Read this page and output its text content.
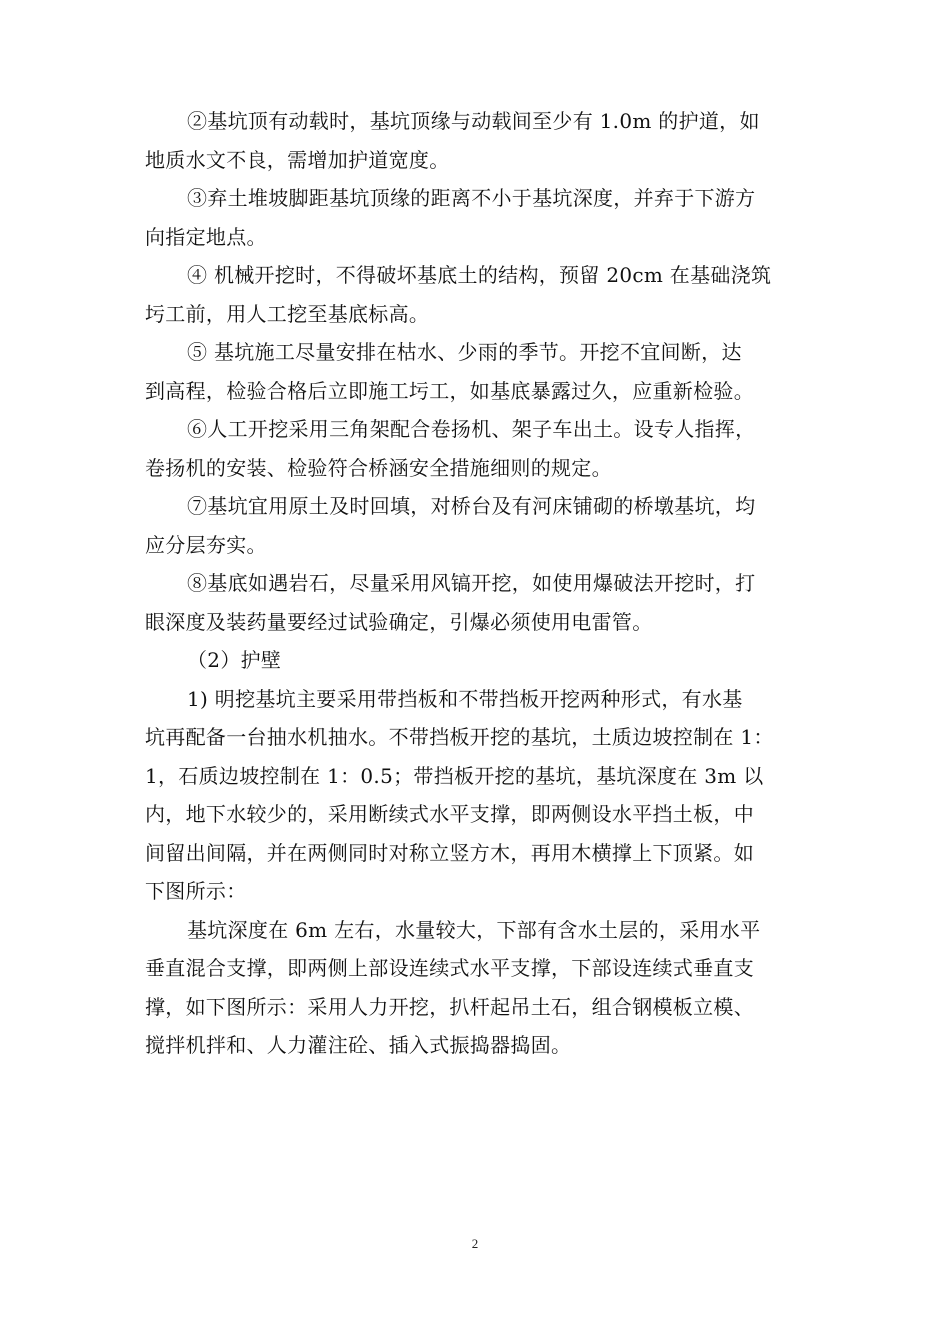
②基坑顶有动载时，基坑顶缘与动载间至少有 1.0m 的护道，如
地质水文不良，需增加护道宽度。
③弃土堆坡脚距基坑顶缘的距离不小于基坑深度，并弃于下游方
向指定地点。
④ 机械开挖时，不得破坏基底土的结构，预留 20cm 在基础浇筑
圬工前，用人工挖至基底标高。
⑤ 基坑施工尽量安排在枯水、少雨的季节。开挖不宜间断，达
到高程，检验合格后立即施工圬工，如基底暴露过久，应重新检验。
⑥人工开挖采用三角架配合卷扬机、架子车出土。设专人指挥，
卷扬机的安装、检验符合桥涵安全措施细则的规定。
⑦基坑宜用原土及时回填，对桥台及有河床铺砌的桥墩基坑，均
应分层夯实。
⑧基底如遇岩石，尽量采用风镐开挖，如使用爆破法开挖时，打
眼深度及装药量要经过试验确定，引爆必须使用电雷管。
（2）护壁
1) 明挖基坑主要采用带挡板和不带挡板开挖两种形式，有水基
坑再配备一台抽水机抽水。不带挡板开挖的基坑，土质边坡控制在 1：
1，石质边坡控制在 1：0.5；带挡板开挖的基坑，基坑深度在 3m 以
内，地下水较少的，采用断续式水平支撑，即两侧设水平挡土板，中
间留出间隔，并在两侧同时对称立竖方木，再用木横撑上下顶紧。如
下图所示：
基坑深度在 6m 左右，水量较大，下部有含水土层的，采用水平
垂直混合支撑，即两侧上部设连续式水平支撑，下部设连续式垂直支
撑，如下图所示：采用人力开挖，扒杆起吊土石，组合钢模板立模、
搅拌机拌和、人力灌注砼、插入式振捣器捣固。
2
